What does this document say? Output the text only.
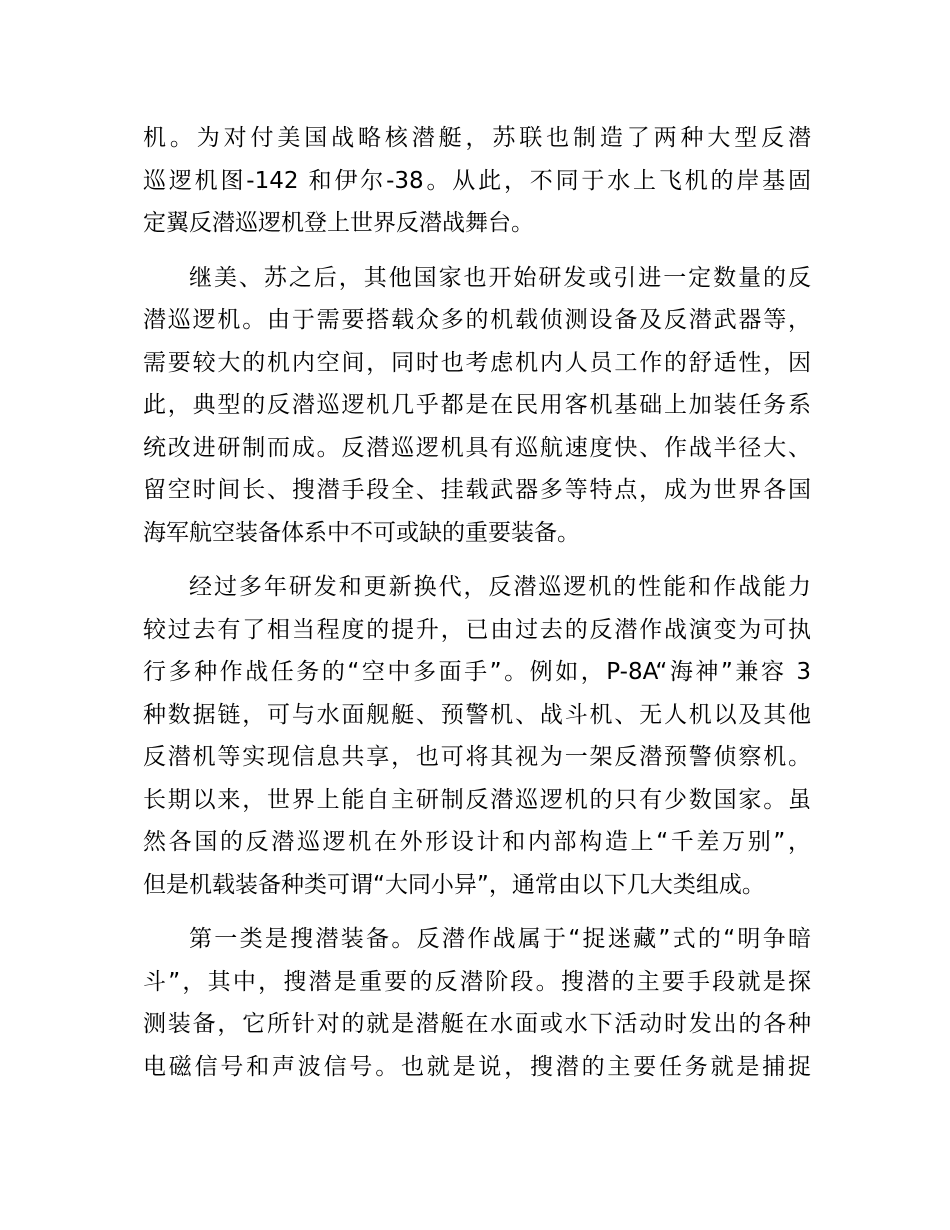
机。为对付美国战略核潜艇，苏联也制造了两种大型反潜
巡逻机图-142 和伊尔-38。从此，不同于水上飞机的岸基固
定翼反潜巡逻机登上世界反潜战舞台。
继美、苏之后，其他国家也开始研发或引进一定数量的反
潜巡逻机。由于需要搭载众多的机载侦测设备及反潜武器等，
需要较大的机内空间，同时也考虑机内人员工作的舒适性，因
此，典型的反潜巡逻机几乎都是在民用客机基础上加装任务系
统改进研制而成。反潜巡逻机具有巡航速度快、作战半径大、
留空时间长、搜潜手段全、挂载武器多等特点，成为世界各国
海军航空装备体系中不可或缺的重要装备。
经过多年研发和更新换代，反潜巡逻机的性能和作战能力
较过去有了相当程度的提升，已由过去的反潜作战演变为可执
行多种作战任务的“空中多面手”。例如，P-8A“海神”兼容 3
种数据链，可与水面舰艇、预警机、战斗机、无人机以及其他
反潜机等实现信息共享，也可将其视为一架反潜预警侦察机。
长期以来，世界上能自主研制反潜巡逻机的只有少数国家。虽
然各国的反潜巡逻机在外形设计和内部构造上“千差万别”，
但是机载装备种类可谓“大同小异”，通常由以下几大类组成。
第一类是搜潜装备。反潜作战属于“捉迷藏”式的“明争暗
斗”，其中，搜潜是重要的反潜阶段。搜潜的主要手段就是探
测装备，它所针对的就是潜艇在水面或水下活动时发出的各种
电磁信号和声波信号。也就是说，搜潜的主要任务就是捕捉
